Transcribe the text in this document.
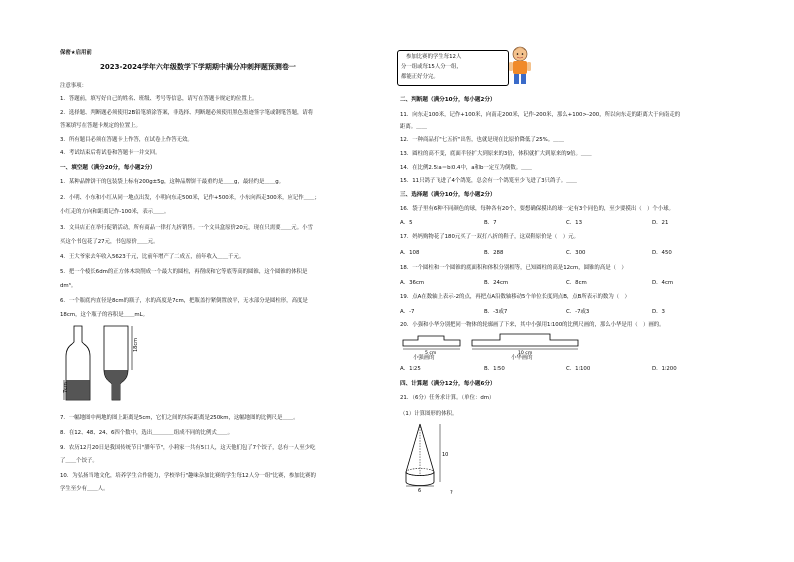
保密★启用前
2023-2024学年六年级数学下学期期中满分冲刺押题预测卷一
注意事项：
1．答题前，填写好自己的姓名、班级、考号等信息，请写在答题卡规定的位置上。
2．选择题、判断题必须使用2B铅笔填涂答案，非选择、判断题必须使用黑色墨迹签字笔或钢笔答题，请将
答案填写在答题卡规定的位置上。
3．所有题目必须在答题卡上作答，在试卷上作答无效。
4．考试结束后将试卷和答题卡一并交回。
一、填空题（满分20分，每小题2分）
1．某种品牌饼干的包装袋上标有200g±5g，这种品牌饼干最重约是＿＿g，最轻约是＿＿g。
2．小明、小东和小红从同一地点出发，小明向东走500米，记作+500米，小东向西走300米，应记作＿＿；
小红走的方向和距离记作-100米，表示＿＿。
3．文具店正在举行促销活动，所有商品一律打九折销售。一个文具盒原价20元，现在只需要＿＿元。小雪
买这个书包花了27元，书包原价＿＿元。
4．王大爷家去年收入5623千元，比前年增产了二成五，前年收入＿＿千元。
5．把一个棱长6dm的正方体木块削成一个最大的圆柱，再削成和它等底等高的圆锥，这个圆锥的体积是
dm³。
6．一个瓶底内直径是8cm的瓶子，水的高度是7cm，把瓶盖拧紧倒置放平，无水部分是圆柱形，高度是
18cm，这个瓶子的容积是＿＿mL。
7cm
18cm
7．一幅地图中两地的图上距离是5cm，它们之间的实际距离是250km，这幅地图的比例尺是＿＿。
8．在12、48、24、6四个数中，选出＿＿＿＿组成不同的比例式＿＿。
9．农历12月20日是我国传统节日"腊年节"，小莉家一共有5口人，这天他们包了7个饺子，总有一人至少吃
了＿＿个饺子。
10．为弘扬当地文化，培养学生合作能力，学校举行"趣味杂加比赛的学生每12人分一组"比赛，参加比赛的
学生至少有＿＿人。
参加比赛的学生每12人
分一组或每15人分一组，
都能正好分完。
二、判断题（满分10分，每小题2分）
11．向东走100米，记作+100米，向南走200米，记作-200米，那么+100>-200，所以向东走的距离大于向南走的
距离。＿＿
12．一种商品打"七五折"出售，也就是现在比原价降低了25%。＿＿
13．圆柱的高不变，底面半径扩大到原来的3倍，体积就扩大到原来的9倍。＿＿
14．在比例2.5∶a＝b∶0.4中，a和b一定互为倒数。＿＿
15．11只鸽子飞进了4个鸽笼，总会有一个鸽笼至少飞进了3只鸽子。＿＿
三、选择题（满分10分，每小题2分）
16．袋子里有6种不同颜色的球，每种各有20个，要想确保摸出的球一定有3个同色的，至少要摸出（　）个小球。
A．5	B．7	C．13	D．21
17．妈妈购物花了180元买了一双打八折的鞋子，这双鞋原价是（　）元。
A．108	B．288	C．300	D．450
18．一个圆柱和一个圆锥的底面积和体积分别相等，已知圆柱的高是12cm，圆锥的高是（　）
A．36cm	B．24cm	C．8cm	D．4cm
19．点A在数轴上表示-2的点，再把点A沿数轴移动5个单位长度到点B，点B所表示的数为（　）
A．-7	B．-3或7	C．-7或3	D．3
20．小强和小华分别把同一物体的轮廓画了下来，其中小强用1∶100的比例尺画的，那么小华是用（　）画的。
5 cm	10 cm
小强画的	小华画的
A．1∶25	B．1∶50	C．1∶100	D．1∶200
四、计算题（满分12分，每小题6分）
21．（6分）任务求计算。（单位：dm）
（1）计算图形的体积。
10
6	?
